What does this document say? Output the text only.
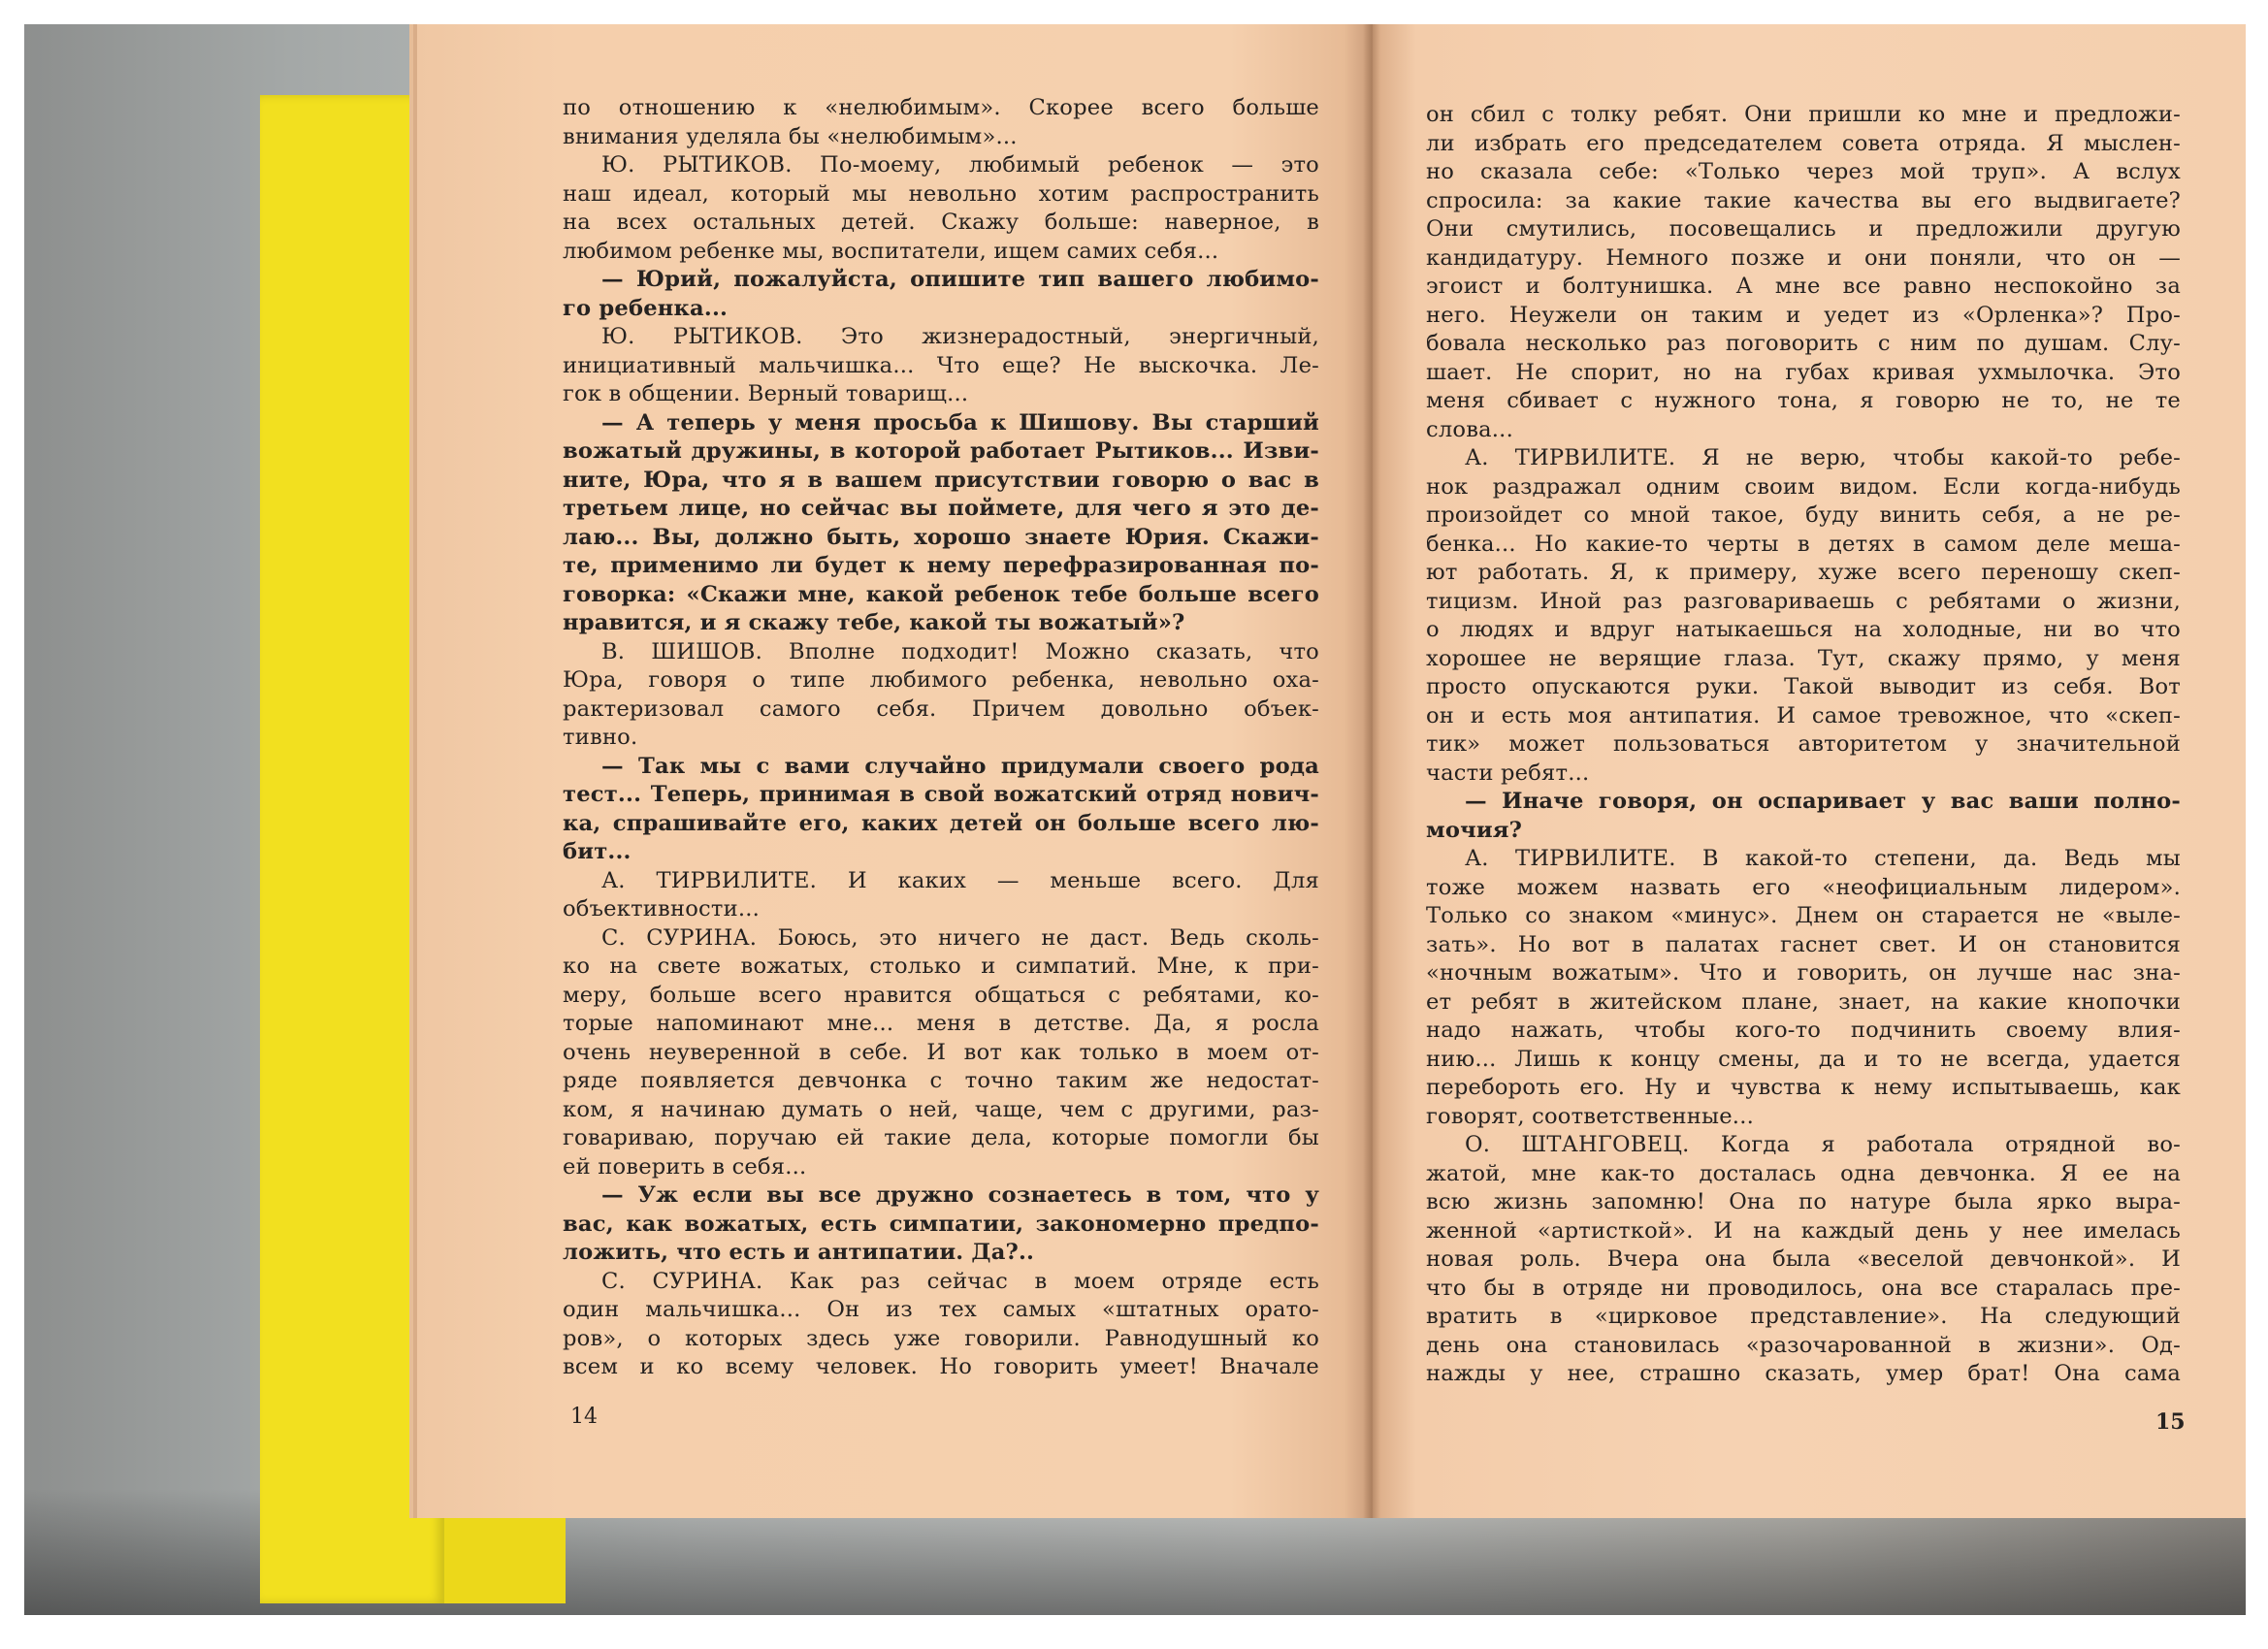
по отношению к «нелюбимым». Скорее всего больше
внимания уделяла бы «нелюбимым»...
Ю. РЫТИКОВ. По-моему, любимый ребенок — это
наш идеал, который мы невольно хотим распространить
на всех остальных детей. Скажу больше: наверное, в
любимом ребенке мы, воспитатели, ищем самих себя...
— Юрий, пожалуйста, опишите тип вашего любимо-
го ребенка...
Ю. РЫТИКОВ. Это жизнерадостный, энергичный,
инициативный мальчишка... Что еще? Не выскочка. Ле-
гок в общении. Верный товарищ...
— А теперь у меня просьба к Шишову. Вы старший
вожатый дружины, в которой работает Рытиков... Изви-
ните, Юра, что я в вашем присутствии говорю о вас в
третьем лице, но сейчас вы поймете, для чего я это де-
лаю... Вы, должно быть, хорошо знаете Юрия. Скажи-
те, применимо ли будет к нему перефразированная по-
говорка: «Скажи мне, какой ребенок тебе больше всего
нравится, и я скажу тебе, какой ты вожатый»?
В. ШИШОВ. Вполне подходит! Можно сказать, что
Юра, говоря о типе любимого ребенка, невольно оха-
рактеризовал самого себя. Причем довольно объек-
тивно.
— Так мы с вами случайно придумали своего рода
тест... Теперь, принимая в свой вожатский отряд нович-
ка, спрашивайте его, каких детей он больше всего лю-
бит...
А. ТИРВИЛИТЕ. И каких — меньше всего. Для
объективности...
С. СУРИНА. Боюсь, это ничего не даст. Ведь сколь-
ко на свете вожатых, столько и симпатий. Мне, к при-
меру, больше всего нравится общаться с ребятами, ко-
торые напоминают мне... меня в детстве. Да, я росла
очень неуверенной в себе. И вот как только в моем от-
ряде появляется девчонка с точно таким же недостат-
ком, я начинаю думать о ней, чаще, чем с другими, раз-
говариваю, поручаю ей такие дела, которые помогли бы
ей поверить в себя...
— Уж если вы все дружно сознаетесь в том, что у
вас, как вожатых, есть симпатии, закономерно предпо-
ложить, что есть и антипатии. Да?..
С. СУРИНА. Как раз сейчас в моем отряде есть
один мальчишка... Он из тех самых «штатных орато-
ров», о которых здесь уже говорили. Равнодушный ко
всем и ко всему человек. Но говорить умеет! Вначале
он сбил с толку ребят. Они пришли ко мне и предложи-
ли избрать его председателем совета отряда. Я мыслен-
но сказала себе: «Только через мой труп». А вслух
спросила: за какие такие качества вы его выдвигаете?
Они смутились, посовещались и предложили другую
кандидатуру. Немного позже и они поняли, что он —
эгоист и болтунишка. А мне все равно неспокойно за
него. Неужели он таким и уедет из «Орленка»? Про-
бовала несколько раз поговорить с ним по душам. Слу-
шает. Не спорит, но на губах кривая ухмылочка. Это
меня сбивает с нужного тона, я говорю не то, не те
слова...
А. ТИРВИЛИТЕ. Я не верю, чтобы какой-то ребе-
нок раздражал одним своим видом. Если когда-нибудь
произойдет со мной такое, буду винить себя, а не ре-
бенка... Но какие-то черты в детях в самом деле меша-
ют работать. Я, к примеру, хуже всего переношу скеп-
тицизм. Иной раз разговариваешь с ребятами о жизни,
о людях и вдруг натыкаешься на холодные, ни во что
хорошее не верящие глаза. Тут, скажу прямо, у меня
просто опускаются руки. Такой выводит из себя. Вот
он и есть моя антипатия. И самое тревожное, что «скеп-
тик» может пользоваться авторитетом у значительной
части ребят...
— Иначе говоря, он оспаривает у вас ваши полно-
мочия?
А. ТИРВИЛИТЕ. В какой-то степени, да. Ведь мы
тоже можем назвать его «неофициальным лидером».
Только со знаком «минус». Днем он старается не «выле-
зать». Но вот в палатах гаснет свет. И он становится
«ночным вожатым». Что и говорить, он лучше нас зна-
ет ребят в житейском плане, знает, на какие кнопочки
надо нажать, чтобы кого-то подчинить своему влия-
нию... Лишь к концу смены, да и то не всегда, удается
перебороть его. Ну и чувства к нему испытываешь, как
говорят, соответственные...
О. ШТАНГОВЕЦ. Когда я работала отрядной во-
жатой, мне как-то досталась одна девчонка. Я ее на
всю жизнь запомню! Она по натуре была ярко выра-
женной «артисткой». И на каждый день у нее имелась
новая роль. Вчера она была «веселой девчонкой». И
что бы в отряде ни проводилось, она все старалась пре-
вратить в «цирковое представление». На следующий
день она становилась «разочарованной в жизни». Од-
нажды у нее, страшно сказать, умер брат! Она сама
14	15
